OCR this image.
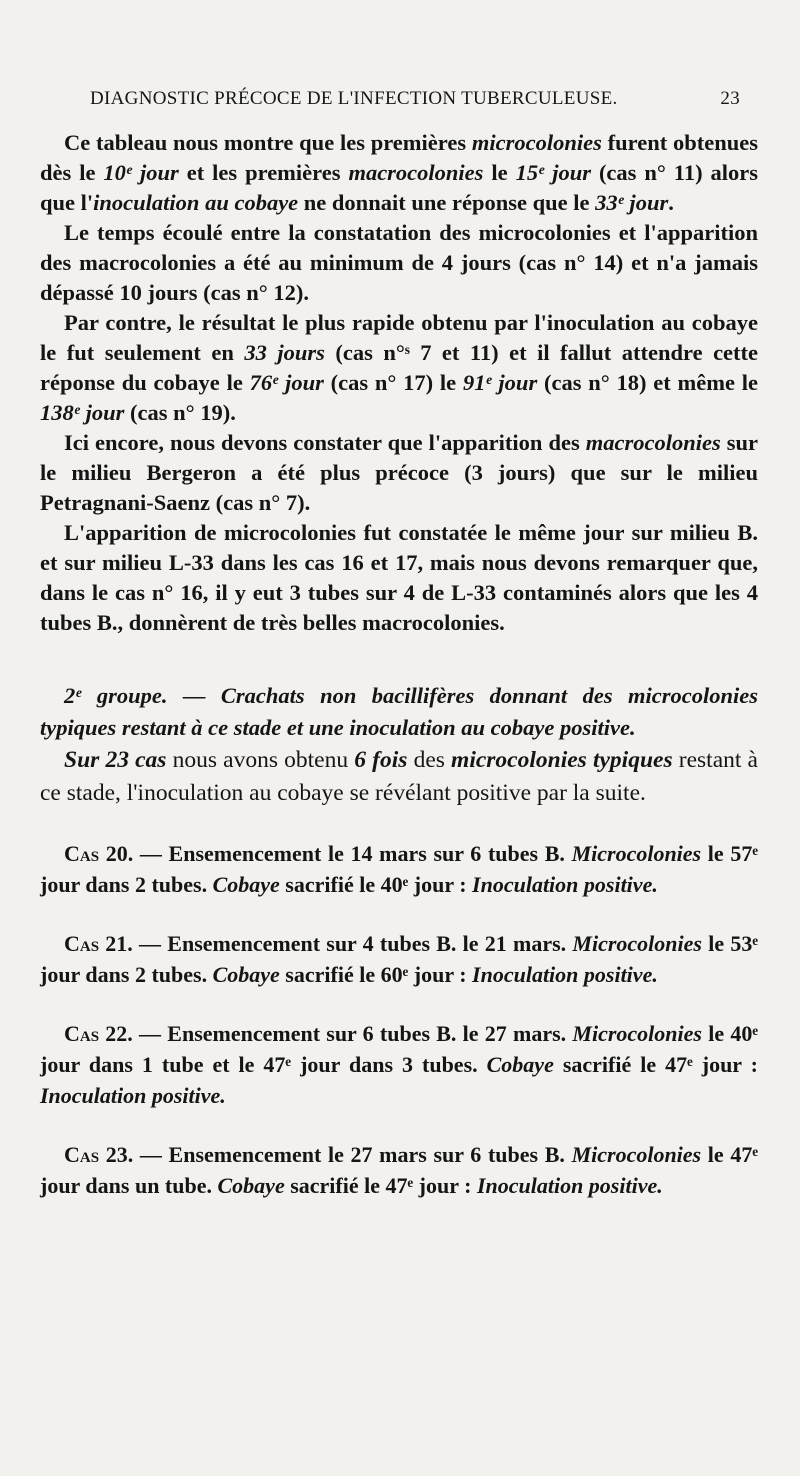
DIAGNOSTIC PRÉCOCE DE L'INFECTION TUBERCULEUSE.	23

Ce tableau nous montre que les premières microcolonies furent obtenues dès le 10ᵉ jour et les premières macrocolonies le 15ᵉ jour (cas n° 11) alors que l'inoculation au cobaye ne donnait une réponse que le 33ᵉ jour.

Le temps écoulé entre la constatation des microcolonies et l'apparition des macrocolonies a été au minimum de 4 jours (cas n° 14) et n'a jamais dépassé 10 jours (cas n° 12).

Par contre, le résultat le plus rapide obtenu par l'inoculation au cobaye le fut seulement en 33 jours (cas n°ˢ 7 et 11) et il fallut attendre cette réponse du cobaye le 76ᵉ jour (cas n° 17) le 91ᵉ jour (cas n° 18) et même le 138ᵉ jour (cas n° 19).

Ici encore, nous devons constater que l'apparition des macrocolonies sur le milieu Bergeron a été plus précoce (3 jours) que sur le milieu Petragnani-Saenz (cas n° 7).

L'apparition de microcolonies fut constatée le même jour sur milieu B. et sur milieu L-33 dans les cas 16 et 17, mais nous devons remarquer que, dans le cas n° 16, il y eut 3 tubes sur 4 de L-33 contaminés alors que les 4 tubes B., donnèrent de très belles macrocolonies.

2ᵉ groupe. — Crachats non bacillifères donnant des microcolonies typiques restant à ce stade et une inoculation au cobaye positive.

Sur 23 cas nous avons obtenu 6 fois des microcolonies typiques restant à ce stade, l'inoculation au cobaye se révélant positive par la suite.

Cas 20. — Ensemencement le 14 mars sur 6 tubes B. Microcolonies le 57ᵉ jour dans 2 tubes. Cobaye sacrifié le 40ᵉ jour : Inoculation positive.

Cas 21. — Ensemencement sur 4 tubes B. le 21 mars. Microcolonies le 53ᵉ jour dans 2 tubes. Cobaye sacrifié le 60ᵉ jour : Inoculation positive.

Cas 22. — Ensemencement sur 6 tubes B. le 27 mars. Microcolonies le 40ᵉ jour dans 1 tube et le 47ᵉ jour dans 3 tubes. Cobaye sacrifié le 47ᵉ jour : Inoculation positive.

Cas 23. — Ensemencement le 27 mars sur 6 tubes B. Microcolonies le 47ᵉ jour dans un tube. Cobaye sacrifié le 47ᵉ jour : Inoculation positive.
